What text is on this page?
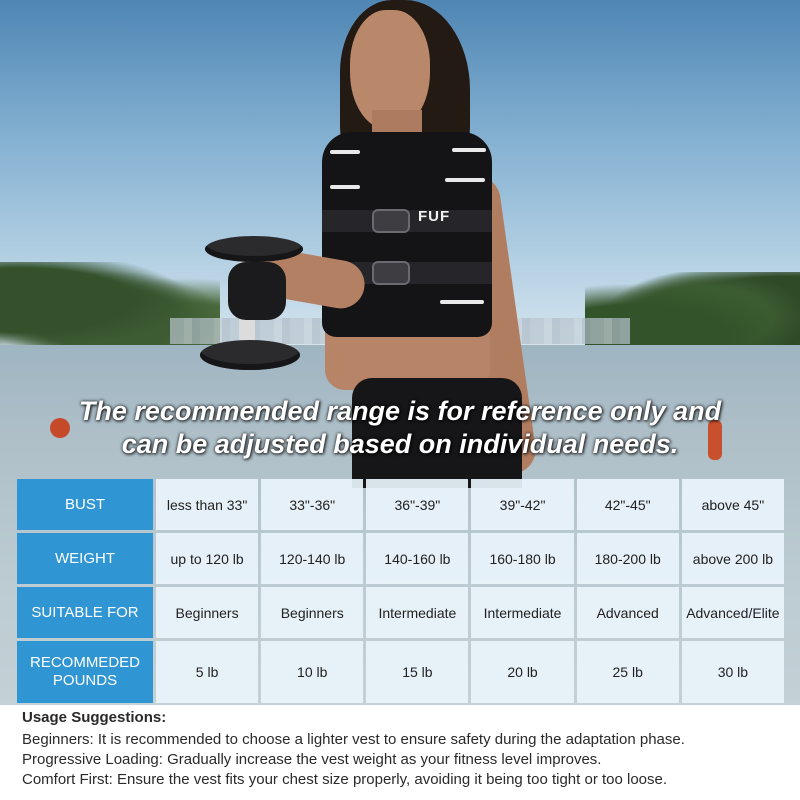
FUF
The recommended range is for reference only and
can be adjusted based on individual needs.
BUST	less than 33"	33"-36"	36"-39"	39"-42"	42"-45"	above 45"
WEIGHT	up to 120 lb	120-140 lb	140-160 lb	160-180 lb	180-200 lb	above 200 lb
SUITABLE FOR	Beginners	Beginners	Intermediate	Intermediate	Advanced	Advanced/Elite
RECOMMEDED
POUNDS	5 lb	10 lb	15 lb	20 lb	25 lb	30 lb
Usage Suggestions:
Beginners: It is recommended to choose a lighter vest to ensure safety during the adaptation phase.
Progressive Loading: Gradually increase the vest weight as your fitness level improves.
Comfort First: Ensure the vest fits your chest size properly, avoiding it being too tight or too loose.
